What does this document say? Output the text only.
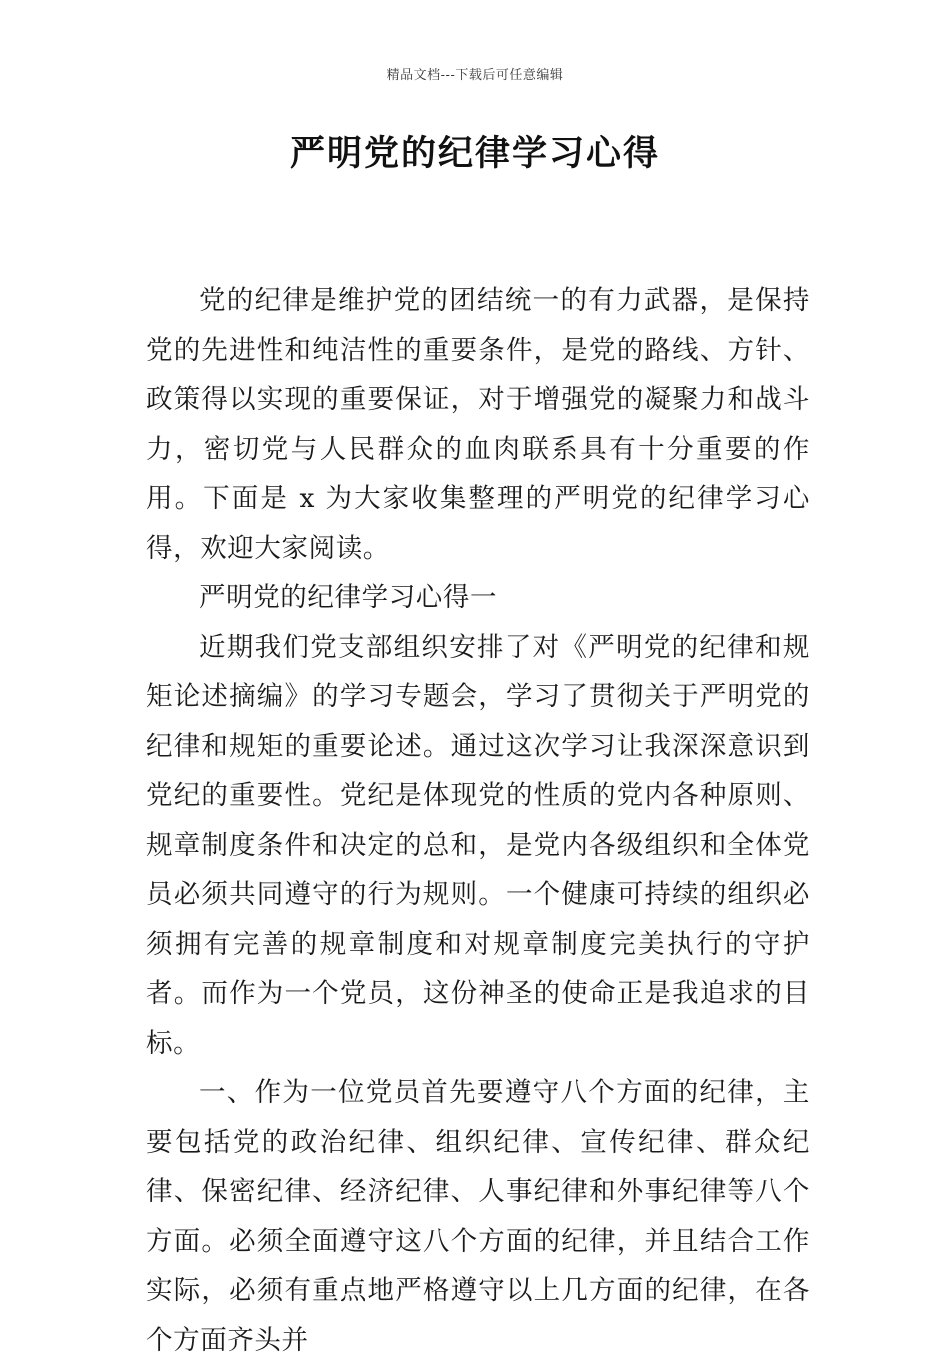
精品文档---下载后可任意编辑
严明党的纪律学习心得

党的纪律是维护党的团结统一的有力武器，是保持党的先进性和纯洁性的重要条件，是党的路线、方针、政策得以实现的重要保证，对于增强党的凝聚力和战斗力，密切党与人民群众的血肉联系具有十分重要的作用。下面是 x 为大家收集整理的严明党的纪律学习心得，欢迎大家阅读。

严明党的纪律学习心得一

近期我们党支部组织安排了对《严明党的纪律和规矩论述摘编》的学习专题会，学习了贯彻关于严明党的纪律和规矩的重要论述。通过这次学习让我深深意识到党纪的重要性。党纪是体现党的性质的党内各种原则、规章制度条件和决定的总和，是党内各级组织和全体党员必须共同遵守的行为规则。一个健康可持续的组织必须拥有完善的规章制度和对规章制度完美执行的守护者。而作为一个党员，这份神圣的使命正是我追求的目标。

一、作为一位党员首先要遵守八个方面的纪律，主要包括党的政治纪律、组织纪律、宣传纪律、群众纪律、保密纪律、经济纪律、人事纪律和外事纪律等八个方面。必须全面遵守这八个方面的纪律，并且结合工作实际，必须有重点地严格遵守以上几方面的纪律，在各个方面齐头并
